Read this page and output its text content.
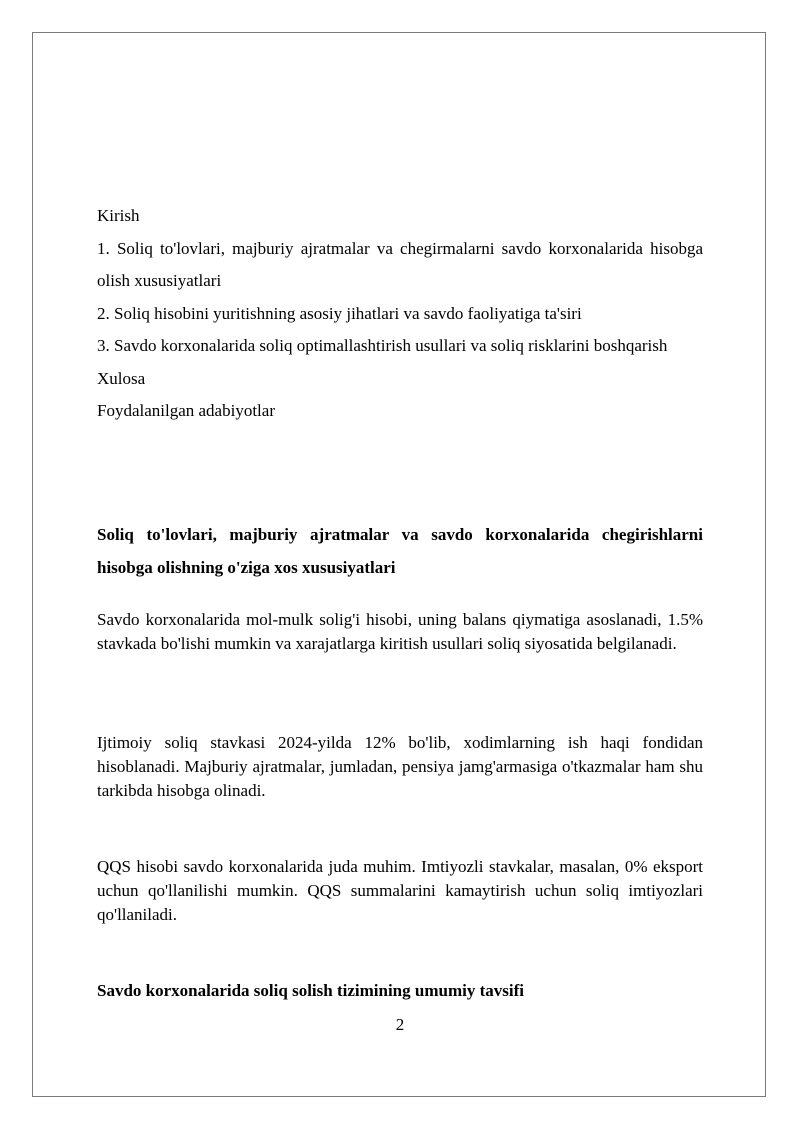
Kirish
1. Soliq to'lovlari, majburiy ajratmalar va chegirmalarni savdo korxonalarida hisobga olish xususiyatlari
2. Soliq hisobini yuritishning asosiy jihatlari va savdo faoliyatiga ta'siri
3. Savdo korxonalarida soliq optimallashtirish usullari va soliq risklarini boshqarish
Xulosa
Foydalanilgan adabiyotlar
Soliq to'lovlari, majburiy ajratmalar va savdo korxonalarida chegirishlarni hisobga olishning o'ziga xos xususiyatlari
Savdo korxonalarida mol-mulk solig'i hisobi, uning balans qiymatiga asoslanadi, 1.5% stavkada bo'lishi mumkin va xarajatlarga kiritish usullari soliq siyosatida belgilanadi.
Ijtimoiy soliq stavkasi 2024-yilda 12% bo'lib, xodimlarning ish haqi fondidan hisoblanadi. Majburiy ajratmalar, jumladan, pensiya jamg'armasiga o'tkazmalar ham shu tarkibda hisobga olinadi.
QQS hisobi savdo korxonalarida juda muhim. Imtiyozli stavkalar, masalan, 0% eksport uchun qo'llanilishi mumkin. QQS summalarini kamaytirish uchun soliq imtiyozlari qo'llaniladi.
Savdo korxonalarida soliq solish tizimining umumiy tavsifi
2
